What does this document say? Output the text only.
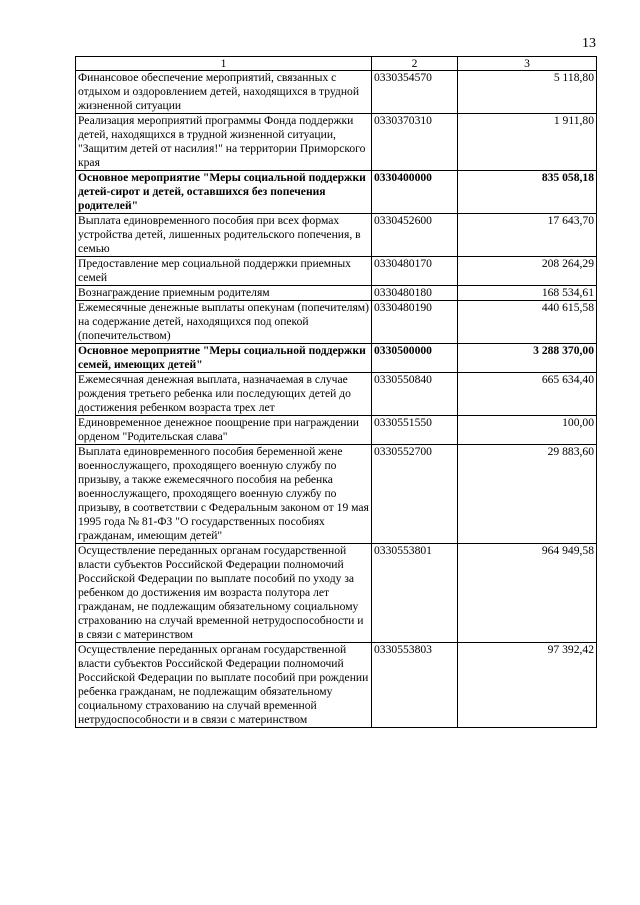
13
1	2	3
Финансовое обеспечение мероприятий, связанных с отдыхом и оздоровлением детей, находящихся в трудной жизненной ситуации	0330354570	5 118,80
Реализация мероприятий программы Фонда поддержки детей, находящихся в трудной жизненной ситуации, "Защитим детей от насилия!" на территории Приморского края	0330370310	1 911,80
Основное мероприятие "Меры социальной поддержки детей-сирот и детей, оставшихся без попечения родителей"	0330400000	835 058,18
Выплата единовременного пособия при всех формах устройства детей, лишенных родительского попечения, в семью	0330452600	17 643,70
Предоставление мер социальной поддержки приемных семей	0330480170	208 264,29
Вознаграждение приемным родителям	0330480180	168 534,61
Ежемесячные денежные выплаты опекунам (попечителям) на содержание детей, находящихся под опекой (попечительством)	0330480190	440 615,58
Основное мероприятие "Меры социальной поддержки семей, имеющих детей"	0330500000	3 288 370,00
Ежемесячная денежная выплата, назначаемая в случае рождения третьего ребенка или последующих детей до достижения ребенком возраста трех лет	0330550840	665 634,40
Единовременное денежное поощрение при награждении орденом "Родительская слава"	0330551550	100,00
Выплата единовременного пособия беременной жене военнослужащего, проходящего военную службу по призыву, а также ежемесячного пособия на ребенка военнослужащего, проходящего военную службу по призыву, в соответствии с Федеральным законом от 19 мая 1995 года № 81-ФЗ "О государственных пособиях гражданам, имеющим детей"	0330552700	29 883,60
Осуществление переданных органам государственной власти субъектов Российской Федерации полномочий Российской Федерации по выплате пособий по уходу за ребенком до достижения им возраста полутора лет гражданам, не подлежащим обязательному социальному страхованию на случай временной нетрудоспособности и в связи с материнством	0330553801	964 949,58
Осуществление переданных органам государственной власти субъектов Российской Федерации полномочий Российской Федерации по выплате пособий при рождении ребенка гражданам, не подлежащим обязательному социальному страхованию на случай временной нетрудоспособности и в связи с материнством	0330553803	97 392,42
